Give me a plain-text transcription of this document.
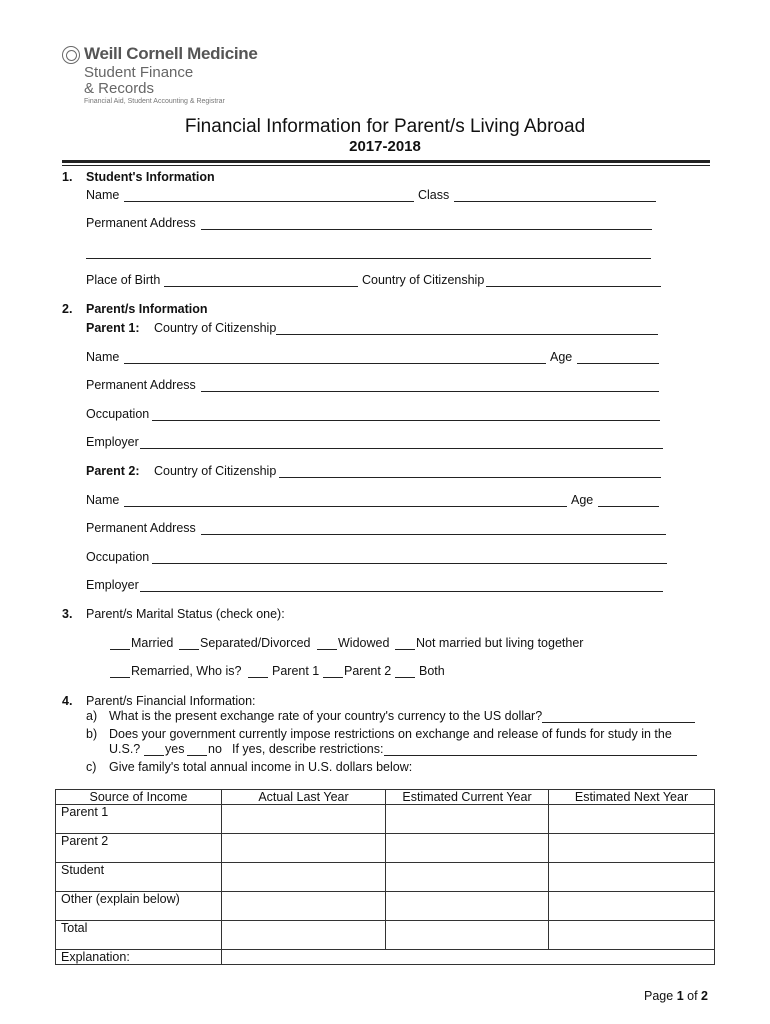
Weill Cornell Medicine
Student Finance
& Records
Financial Aid, Student Accounting & Registrar
Financial Information for Parent/s Living Abroad
2017-2018
1. Student's Information
Name	Class
Permanent Address
Place of Birth	Country of Citizenship
2. Parent/s Information
Parent 1: Country of Citizenship
Name	Age
Permanent Address
Occupation
Employer
Parent 2: Country of Citizenship
Name	Age
Permanent Address
Occupation
Employer
3. Parent/s Marital Status (check one):
Married Separated/Divorced Widowed Not married but living together
Remarried, Who is? Parent 1 Parent 2 Both
4. Parent/s Financial Information:
a) What is the present exchange rate of your country's currency to the US dollar?
b) Does your government currently impose restrictions on exchange and release of funds for study in the
U.S.? yes no If yes, describe restrictions:
c) Give family's total annual income in U.S. dollars below:
Source of Income	Actual Last Year	Estimated Current Year	Estimated Next Year
Parent 1			
Parent 2			
Student			
Other (explain below)			
Total			
Explanation:			
Page 1 of 2
